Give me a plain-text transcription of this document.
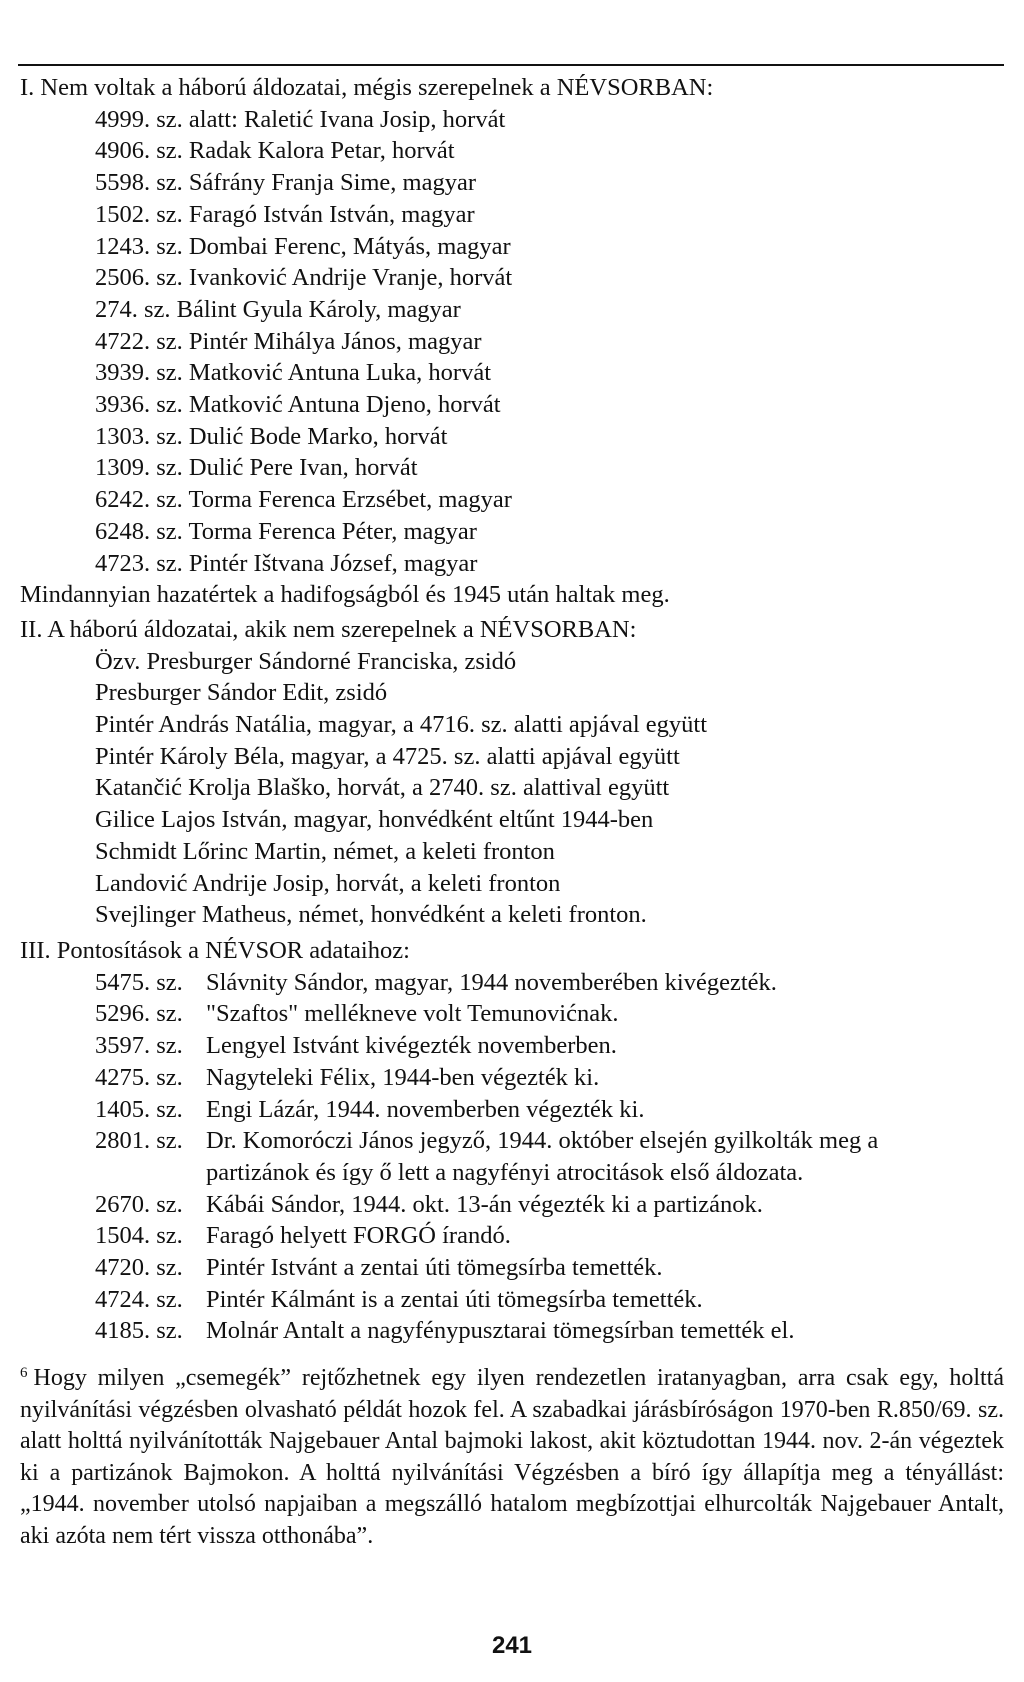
I. Nem voltak a háború áldozatai, mégis szerepelnek a NÉVSORBAN:
4999. sz. alatt: Raletić Ivana Josip, horvát
4906. sz. Radak Kalora Petar, horvát
5598. sz. Sáfrány Franja Sime, magyar
1502. sz. Faragó István István, magyar
1243. sz. Dombai Ferenc, Mátyás, magyar
2506. sz. Ivanković Andrije Vranje, horvát
274. sz. Bálint Gyula Károly, magyar
4722. sz. Pintér Mihálya János, magyar
3939. sz. Matković Antuna Luka, horvát
3936. sz. Matković Antuna Djeno, horvát
1303. sz. Dulić Bode Marko, horvát
1309. sz. Dulić Pere Ivan, horvát
6242. sz. Torma Ferenca Erzsébet, magyar
6248. sz. Torma Ferenca Péter, magyar
4723. sz. Pintér Ištvana József, magyar
Mindannyian hazatértek a hadifogságból és 1945 után haltak meg.
II. A háború áldozatai, akik nem szerepelnek a NÉVSORBAN:
Özv. Presburger Sándorné Franciska, zsidó
Presburger Sándor Edit, zsidó
Pintér András Natália, magyar, a 4716. sz. alatti apjával együtt
Pintér Károly Béla, magyar, a 4725. sz. alatti apjával együtt
Katančić Krolja Blaško, horvát, a 2740. sz. alattival együtt
Gilice Lajos István, magyar, honvédként eltűnt 1944-ben
Schmidt Lőrinc Martin, német, a keleti fronton
Landović Andrije Josip, horvát, a keleti fronton
Svejlinger Matheus, német, honvédként a keleti fronton.
III. Pontosítások a NÉVSOR adataihoz:
5475. sz. Slávnity Sándor, magyar, 1944 novemberében kivégezték.
5296. sz. "Szaftos" mellékneve volt Temunovićnak.
3597. sz. Lengyel Istvánt kivégezték novemberben.
4275. sz. Nagyteleki Félix, 1944-ben végezték ki.
1405. sz. Engi Lázár, 1944. novemberben végezték ki.
2801. sz. Dr. Komoróczi János jegyző, 1944. október elsején gyilkolták meg a
partizánok és így ő lett a nagyfényi atrocitások első áldozata.
2670. sz. Kábái Sándor, 1944. okt. 13-án végezték ki a partizánok.
1504. sz. Faragó helyett FORGÓ írandó.
4720. sz. Pintér Istvánt a zentai úti tömegsírba temették.
4724. sz. Pintér Kálmánt is a zentai úti tömegsírba temették.
4185. sz. Molnár Antalt a nagyfénypusztarai tömegsírban temették el.

$^6$ Hogy milyen „csemegék” rejtőzhetnek egy ilyen rendezetlen iratanyagban, arra csak egy, holttá nyilvánítási végzésben olvasható példát hozok fel. A szabadkai járásbíróságon 1970-ben R.850/69. sz. alatt holttá nyilvánították Najgebauer Antal bajmoki lakost, akit köztudottan 1944. nov. 2-án végeztek ki a partizánok Bajmokon. A holttá nyilvánítási Végzésben a bíró így állapítja meg a tényállást: „1944. november utolsó napjaiban a megszálló hatalom megbízottjai elhurcolták Najgebauer Antalt, aki azóta nem tért vissza otthonába”.

241
